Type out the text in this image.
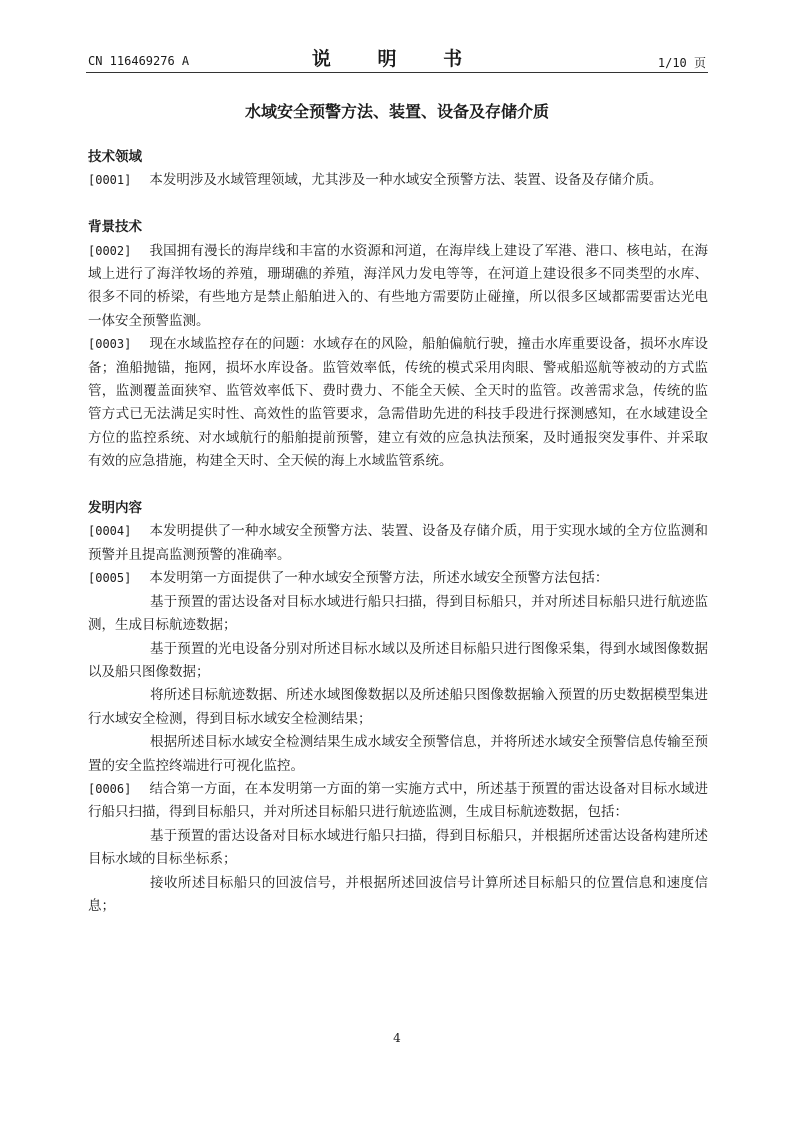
CN 116469276 A	说 明 书	1/10 页
水域安全预警方法、装置、设备及存储介质
技术领域

[0001] 本发明涉及水域管理领域，尤其涉及一种水域安全预警方法、装置、设备及存储介质。

背景技术

[0002] 我国拥有漫长的海岸线和丰富的水资源和河道，在海岸线上建设了军港、港口、核电站，在海域上进行了海洋牧场的养殖，珊瑚礁的养殖，海洋风力发电等等，在河道上建设很多不同类型的水库、很多不同的桥梁，有些地方是禁止船舶进入的、有些地方需要防止碰撞，所以很多区域都需要雷达光电一体安全预警监测。

[0003] 现在水域监控存在的问题：水域存在的风险，船舶偏航行驶，撞击水库重要设备，损坏水库设备；渔船抛锚，拖网，损坏水库设备。监管效率低，传统的模式采用肉眼、警戒船巡航等被动的方式监管，监测覆盖面狭窄、监管效率低下、费时费力、不能全天候、全天时的监管。改善需求急，传统的监管方式已无法满足实时性、高效性的监管要求，急需借助先进的科技手段进行探测感知，在水域建设全方位的监控系统、对水域航行的船舶提前预警，建立有效的应急执法预案，及时通报突发事件、并采取有效的应急措施，构建全天时、全天候的海上水域监管系统。

发明内容

[0004] 本发明提供了一种水域安全预警方法、装置、设备及存储介质，用于实现水域的全方位监测和预警并且提高监测预警的准确率。

[0005] 本发明第一方面提供了一种水域安全预警方法，所述水域安全预警方法包括：

基于预置的雷达设备对目标水域进行船只扫描，得到目标船只，并对所述目标船只进行航迹监测，生成目标航迹数据；

基于预置的光电设备分别对所述目标水域以及所述目标船只进行图像采集，得到水域图像数据以及船只图像数据；

将所述目标航迹数据、所述水域图像数据以及所述船只图像数据输入预置的历史数据模型集进行水域安全检测，得到目标水域安全检测结果；

根据所述目标水域安全检测结果生成水域安全预警信息，并将所述水域安全预警信息传输至预置的安全监控终端进行可视化监控。

[0006] 结合第一方面，在本发明第一方面的第一实施方式中，所述基于预置的雷达设备对目标水域进行船只扫描，得到目标船只，并对所述目标船只进行航迹监测，生成目标航迹数据，包括：

基于预置的雷达设备对目标水域进行船只扫描，得到目标船只，并根据所述雷达设备构建所述目标水域的目标坐标系；

接收所述目标船只的回波信号，并根据所述回波信号计算所述目标船只的位置信息和速度信息；

4
